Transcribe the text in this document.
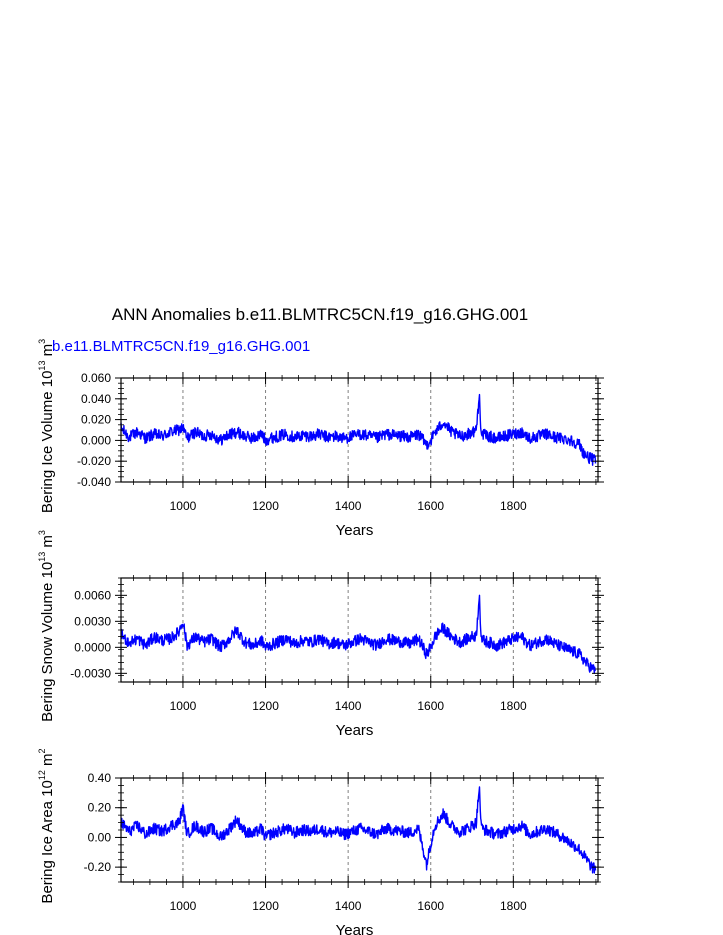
ANN Anomalies b.e11.BLMTRC5CN.f19_g16.GHG.001
b.e11.BLMTRC5CN.f19_g16.GHG.001
-0.040
-0.020
0.000
0.020
0.040
0.060
1000	1200	1400	1600	1800
Years
Bering Ice Volume $10^{13}$ $m^3$
-0.0030
0.0000
0.0030
0.0060
1000	1200	1400	1600	1800
Years
Bering Snow Volume $10^{13}$ $m^3$
-0.20
0.00
0.20
0.40
1000	1200	1400	1600	1800
Years
Bering Ice Area $10^{12}$ $m^2$
